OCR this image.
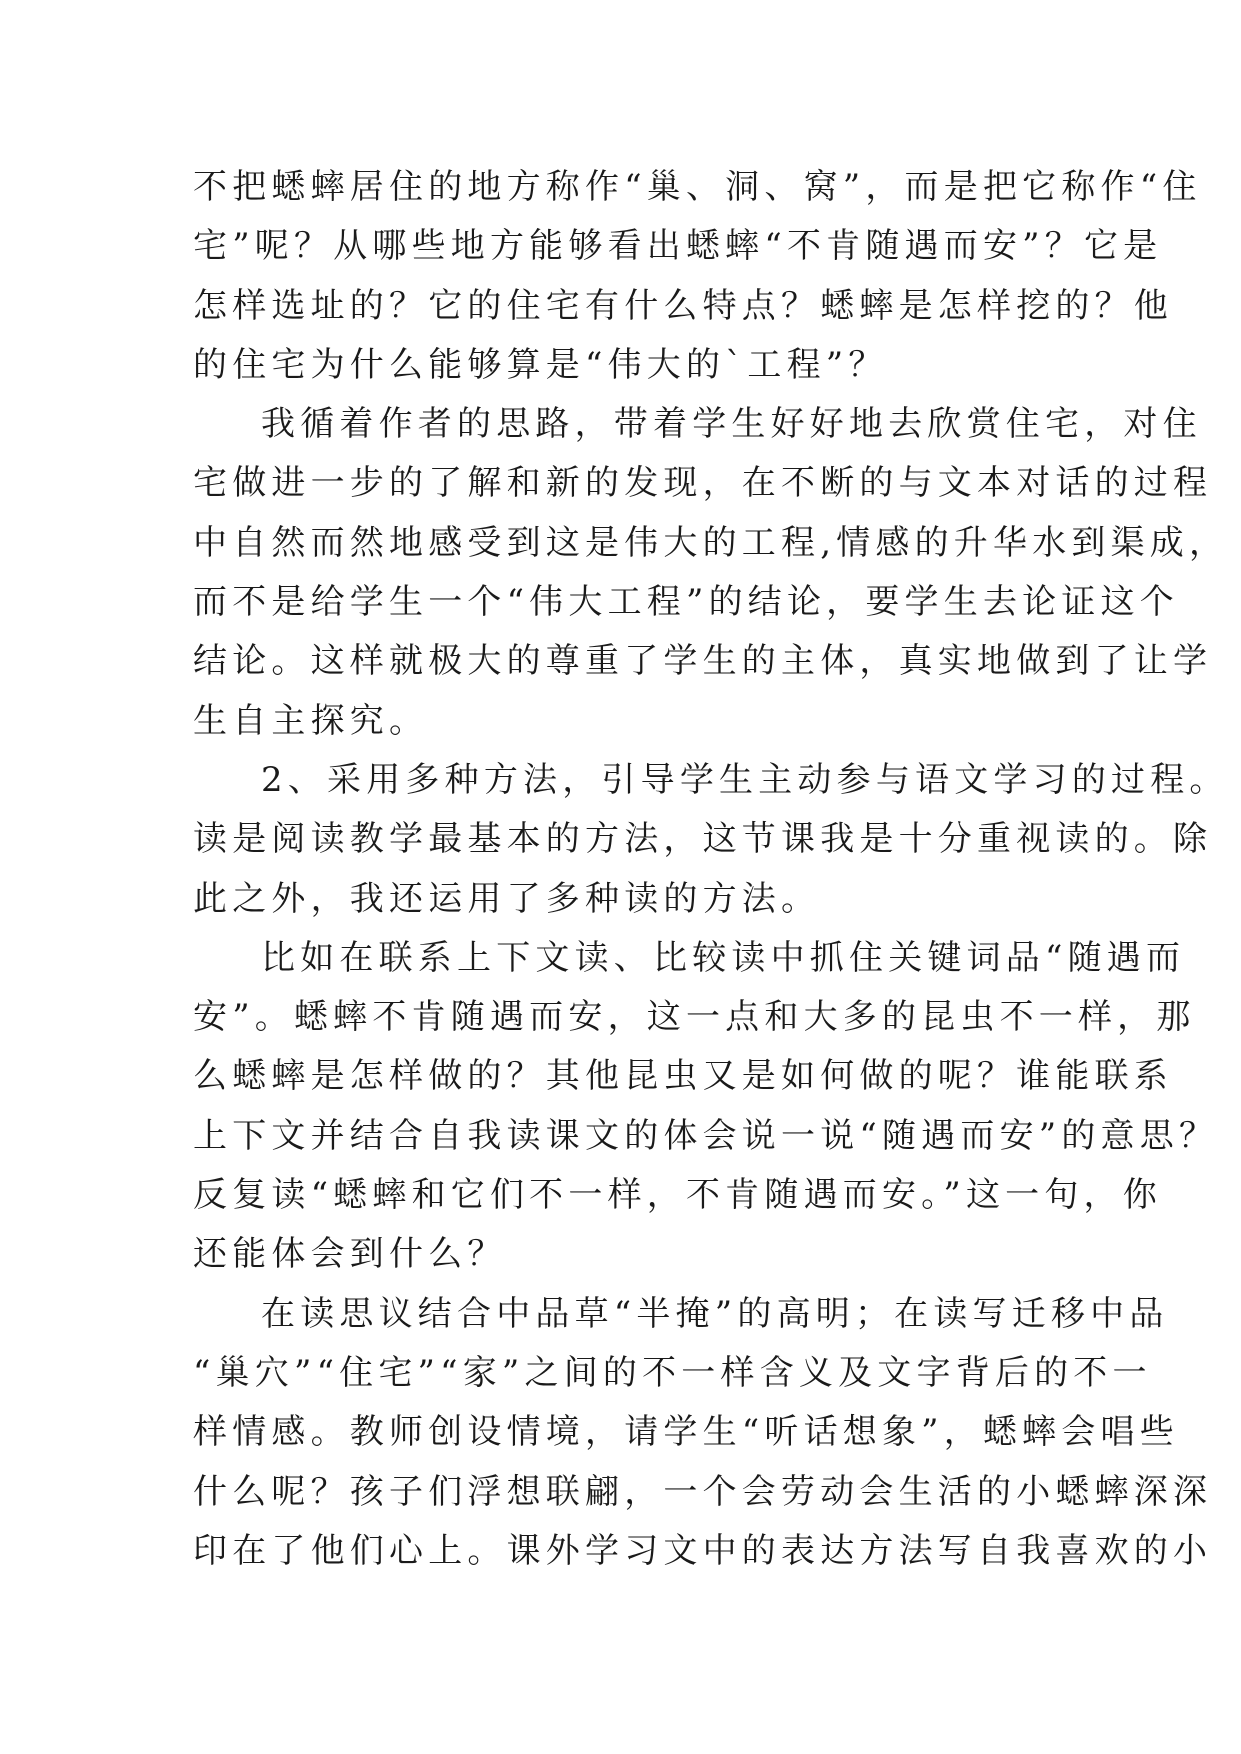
不把蟋蟀居住的地方称作“巢、洞、窝”，而是把它称作“住
宅”呢？从哪些地方能够看出蟋蟀“不肯随遇而安”？它是
怎样选址的？它的住宅有什么特点？蟋蟀是怎样挖的？他
的住宅为什么能够算是“伟大的`工程”？
我循着作者的思路，带着学生好好地去欣赏住宅，对住
宅做进一步的了解和新的发现，在不断的与文本对话的过程
中自然而然地感受到这是伟大的工程,情感的升华水到渠成，
而不是给学生一个“伟大工程”的结论，要学生去论证这个
结论。这样就极大的尊重了学生的主体，真实地做到了让学
生自主探究。
2、采用多种方法，引导学生主动参与语文学习的过程。
读是阅读教学最基本的方法，这节课我是十分重视读的。除
此之外，我还运用了多种读的方法。
比如在联系上下文读、比较读中抓住关键词品“随遇而
安”。蟋蟀不肯随遇而安，这一点和大多的昆虫不一样，那
么蟋蟀是怎样做的？其他昆虫又是如何做的呢？谁能联系
上下文并结合自我读课文的体会说一说“随遇而安”的意思？
反复读“蟋蟀和它们不一样，不肯随遇而安。”这一句，你
还能体会到什么？
在读思议结合中品草“半掩”的高明；在读写迁移中品
“巢穴”“住宅”“家”之间的不一样含义及文字背后的不一
样情感。教师创设情境，请学生“听话想象”，蟋蟀会唱些
什么呢？孩子们浮想联翩，一个会劳动会生活的小蟋蟀深深
印在了他们心上。课外学习文中的表达方法写自我喜欢的小
